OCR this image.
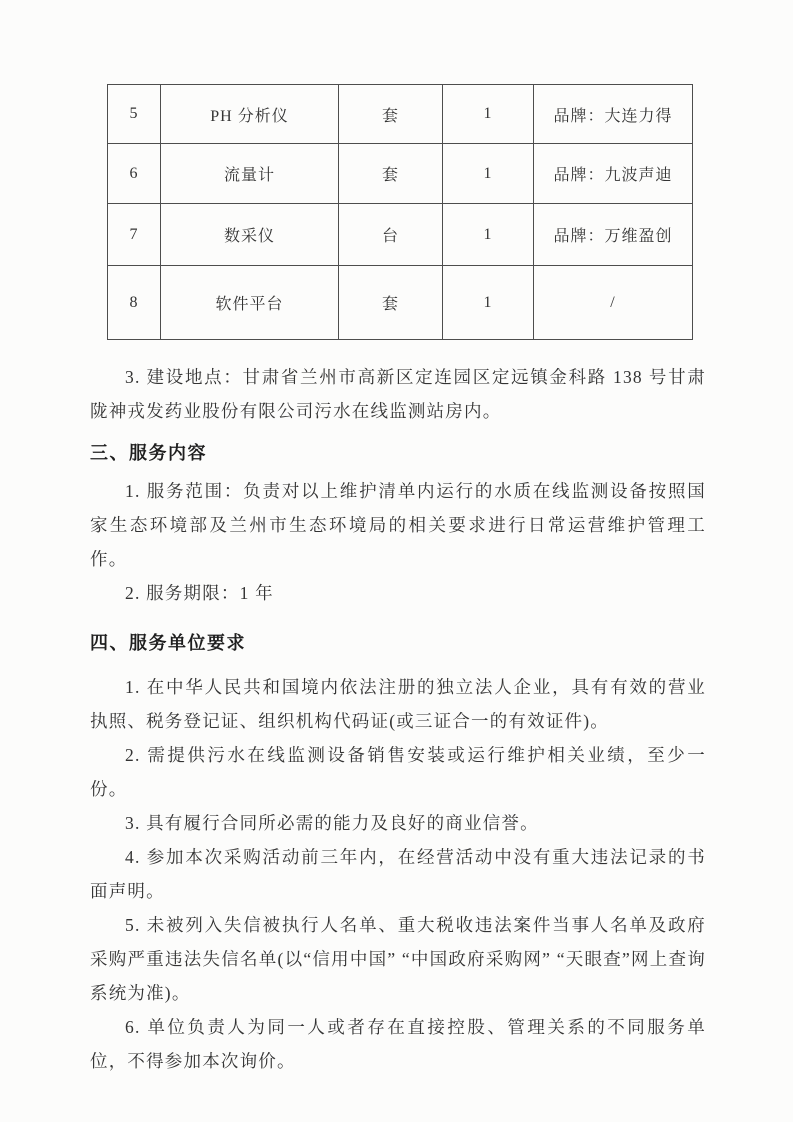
5	PH 分析仪	套	1	品牌：大连力得
6	流量计	套	1	品牌：九波声迪
7	数采仪	台	1	品牌：万维盈创
8	软件平台	套	1	/

3. 建设地点：甘肃省兰州市高新区定连园区定远镇金科路 138 号甘肃陇神戎发药业股份有限公司污水在线监测站房内。

三、服务内容

1. 服务范围：负责对以上维护清单内运行的水质在线监测设备按照国家生态环境部及兰州市生态环境局的相关要求进行日常运营维护管理工作。

2. 服务期限：1 年

四、服务单位要求

1. 在中华人民共和国境内依法注册的独立法人企业，具有有效的营业执照、税务登记证、组织机构代码证(或三证合一的有效证件)。

2. 需提供污水在线监测设备销售安装或运行维护相关业绩，至少一份。

3. 具有履行合同所必需的能力及良好的商业信誉。

4. 参加本次采购活动前三年内，在经营活动中没有重大违法记录的书面声明。

5. 未被列入失信被执行人名单、重大税收违法案件当事人名单及政府采购严重违法失信名单(以“信用中国” “中国政府采购网” “天眼查”网上查询系统为准)。

6. 单位负责人为同一人或者存在直接控股、管理关系的不同服务单位，不得参加本次询价。
